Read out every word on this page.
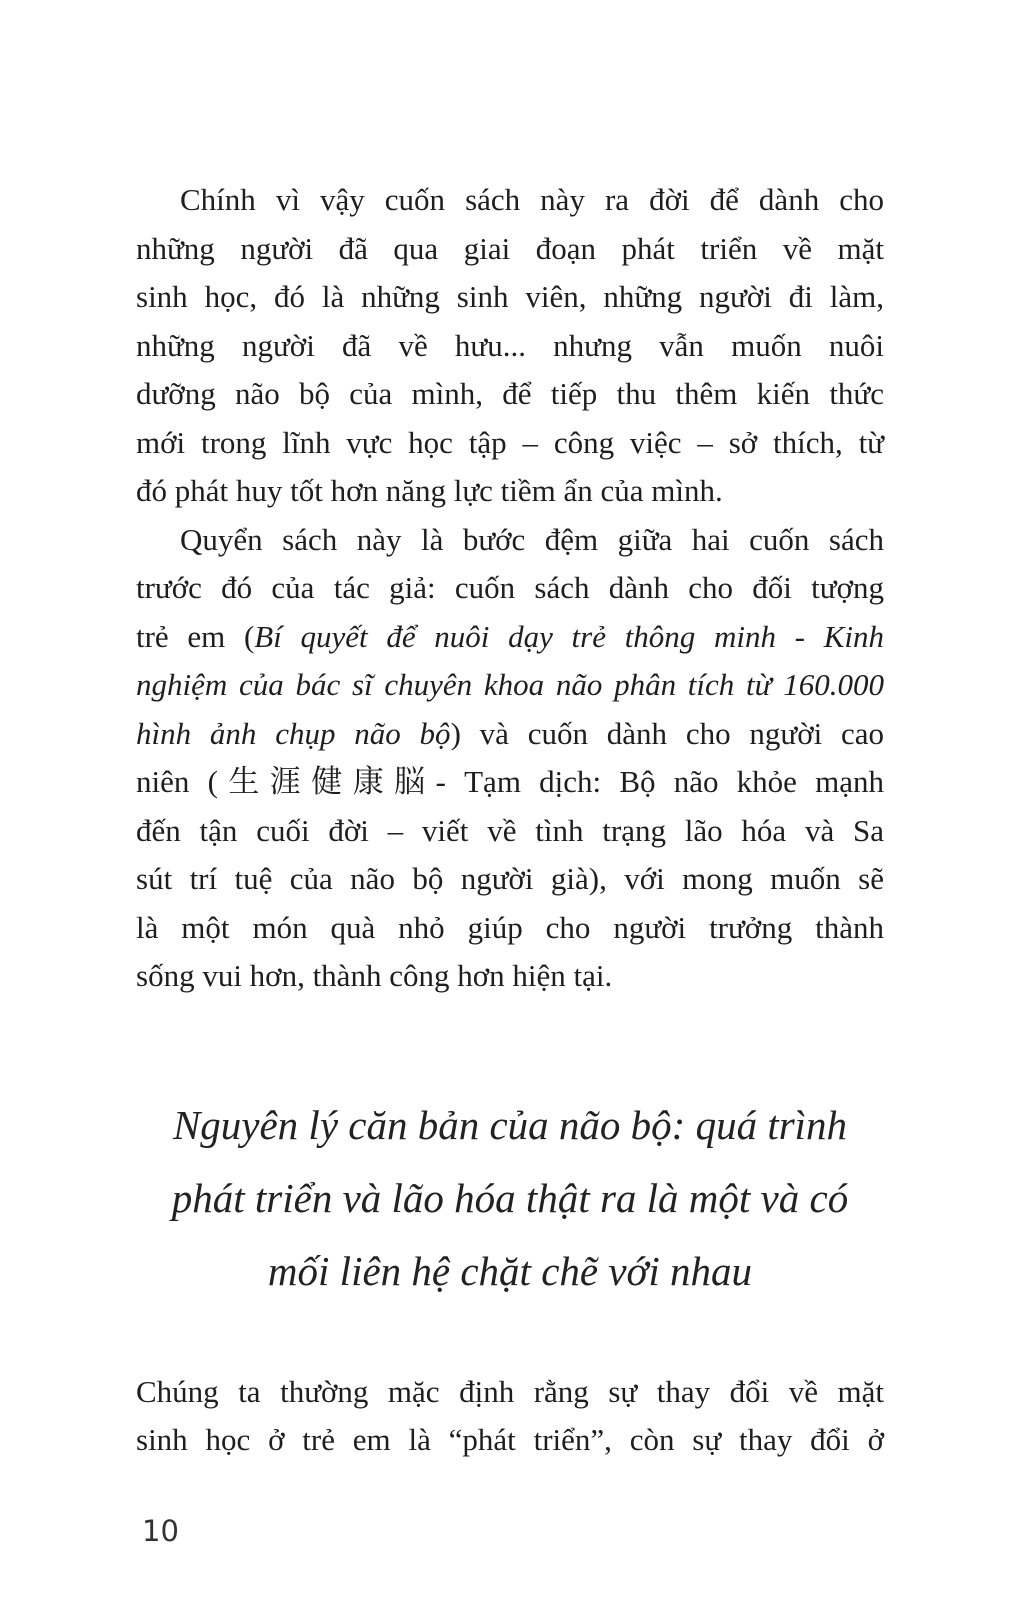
Chính vì vậy cuốn sách này ra đời để dành cho
những người đã qua giai đoạn phát triển về mặt
sinh học, đó là những sinh viên, những người đi làm,
những người đã về hưu... nhưng vẫn muốn nuôi
dưỡng não bộ của mình, để tiếp thu thêm kiến thức
mới trong lĩnh vực học tập – công việc – sở thích, từ
đó phát huy tốt hơn năng lực tiềm ẩn của mình.
Quyển sách này là bước đệm giữa hai cuốn sách
trước đó của tác giả: cuốn sách dành cho đối tượng
trẻ em (Bí quyết để nuôi dạy trẻ thông minh - Kinh
nghiệm của bác sĩ chuyên khoa não phân tích từ 160.000
hình ảnh chụp não bộ) và cuốn dành cho người cao
niên (生涯健康脳- Tạm dịch: Bộ não khỏe mạnh
đến tận cuối đời – viết về tình trạng lão hóa và Sa
sút trí tuệ của não bộ người già), với mong muốn sẽ
là một món quà nhỏ giúp cho người trưởng thành
sống vui hơn, thành công hơn hiện tại.
Nguyên lý căn bản của não bộ: quá trình
phát triển và lão hóa thật ra là một và có
mối liên hệ chặt chẽ với nhau
Chúng ta thường mặc định rằng sự thay đổi về mặt
sinh học ở trẻ em là “phát triển”, còn sự thay đổi ở
10
